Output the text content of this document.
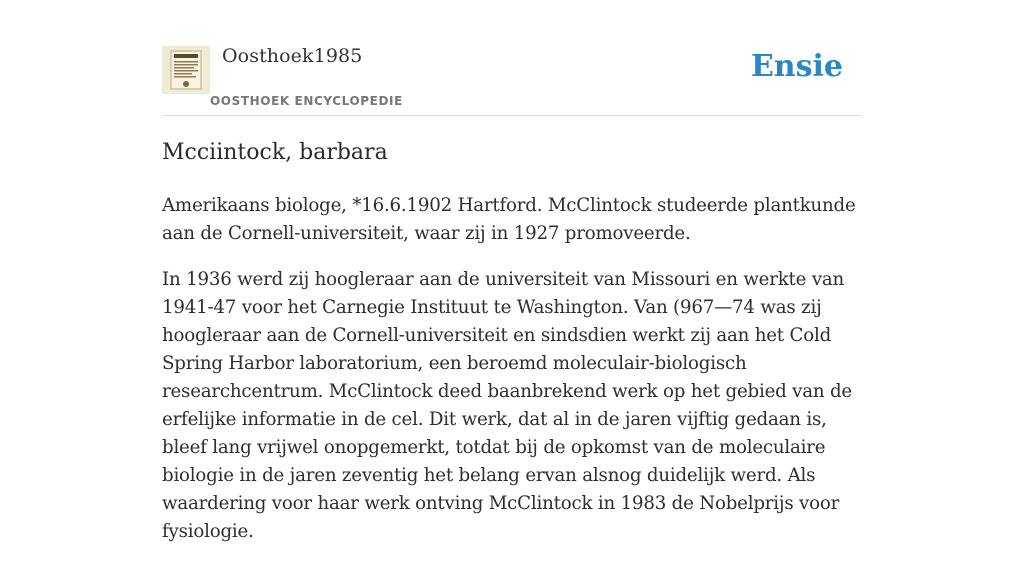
Oosthoek1985
OOSTHOEK ENCYCLOPEDIE
Ensie
Mcciintock, barbara

Amerikaans biologe, *16.6.1902 Hartford. McClintock studeerde plantkunde aan de Cornell-universiteit, waar zij in 1927 promoveerde.

In 1936 werd zij hoogleraar aan de universiteit van Missouri en werkte van 1941-47 voor het Carnegie Instituut te Washington. Van (967—74 was zij hoogleraar aan de Cornell-universiteit en sindsdien werkt zij aan het Cold Spring Harbor laboratorium, een beroemd moleculair-biologisch researchcentrum. McClintock deed baanbrekend werk op het gebied van de erfelijke informatie in de cel. Dit werk, dat al in de jaren vijftig gedaan is, bleef lang vrijwel onopgemerkt, totdat bij de opkomst van de moleculaire biologie in de jaren zeventig het belang ervan alsnog duidelijk werd. Als waardering voor haar werk ontving McClintock in 1983 de Nobelprijs voor fysiologie.
